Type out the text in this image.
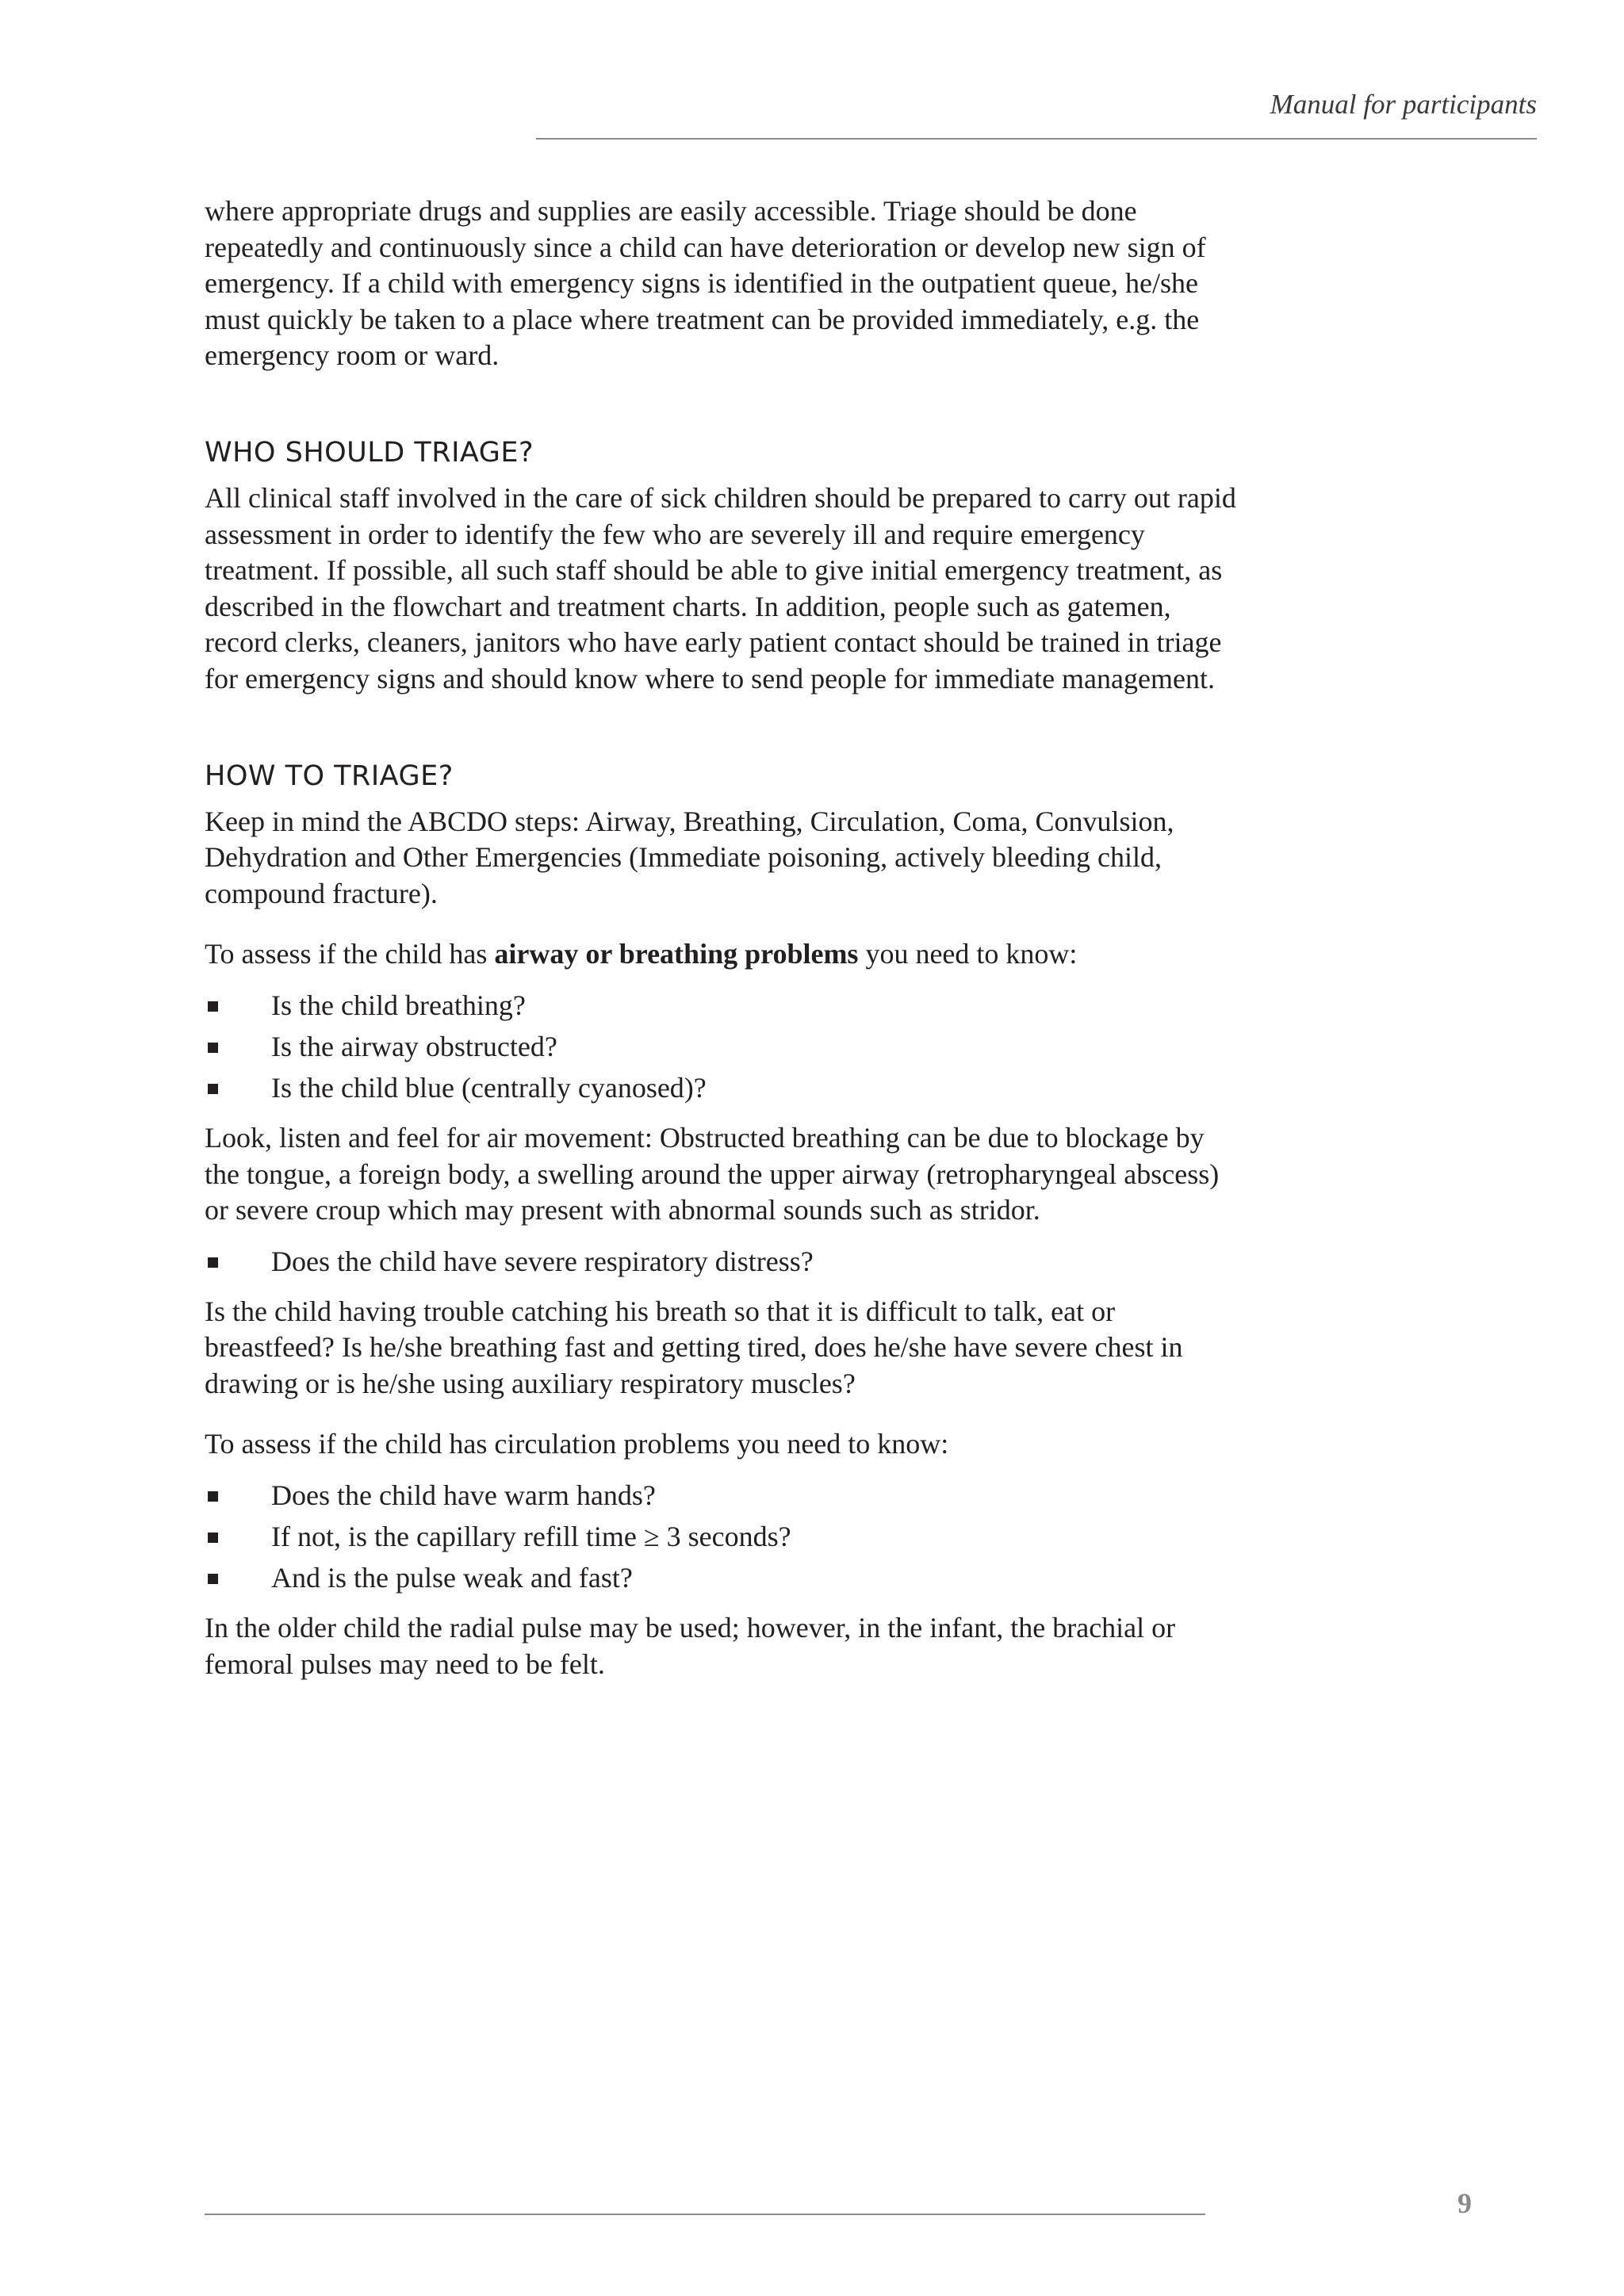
Manual for participants

where appropriate drugs and supplies are easily accessible. Triage should be done repeatedly and continuously since a child can have deterioration or develop new sign of emergency. If a child with emergency signs is identified in the outpatient queue, he/she must quickly be taken to a place where treatment can be provided immediately, e.g. the emergency room or ward.

WHO SHOULD TRIAGE?

All clinical staff involved in the care of sick children should be prepared to carry out rapid assessment in order to identify the few who are severely ill and require emergency treatment. If possible, all such staff should be able to give initial emergency treatment, as described in the flowchart and treatment charts. In addition, people such as gatemen, record clerks, cleaners, janitors who have early patient contact should be trained in triage for emergency signs and should know where to send people for immediate management.

HOW TO TRIAGE?

Keep in mind the ABCDO steps: Airway, Breathing, Circulation, Coma, Convulsion, Dehydration and Other Emergencies (Immediate poisoning, actively bleeding child, compound fracture).

To assess if the child has airway or breathing problems you need to know:

Is the child breathing?
Is the airway obstructed?
Is the child blue (centrally cyanosed)?

Look, listen and feel for air movement: Obstructed breathing can be due to blockage by the tongue, a foreign body, a swelling around the upper airway (retropharyngeal abscess) or severe croup which may present with abnormal sounds such as stridor.

Does the child have severe respiratory distress?

Is the child having trouble catching his breath so that it is difficult to talk, eat or breastfeed? Is he/she breathing fast and getting tired, does he/she have severe chest in drawing or is he/she using auxiliary respiratory muscles?

To assess if the child has circulation problems you need to know:

Does the child have warm hands?
If not, is the capillary refill time ≥ 3 seconds?
And is the pulse weak and fast?

In the older child the radial pulse may be used; however, in the infant, the brachial or femoral pulses may need to be felt.

9
